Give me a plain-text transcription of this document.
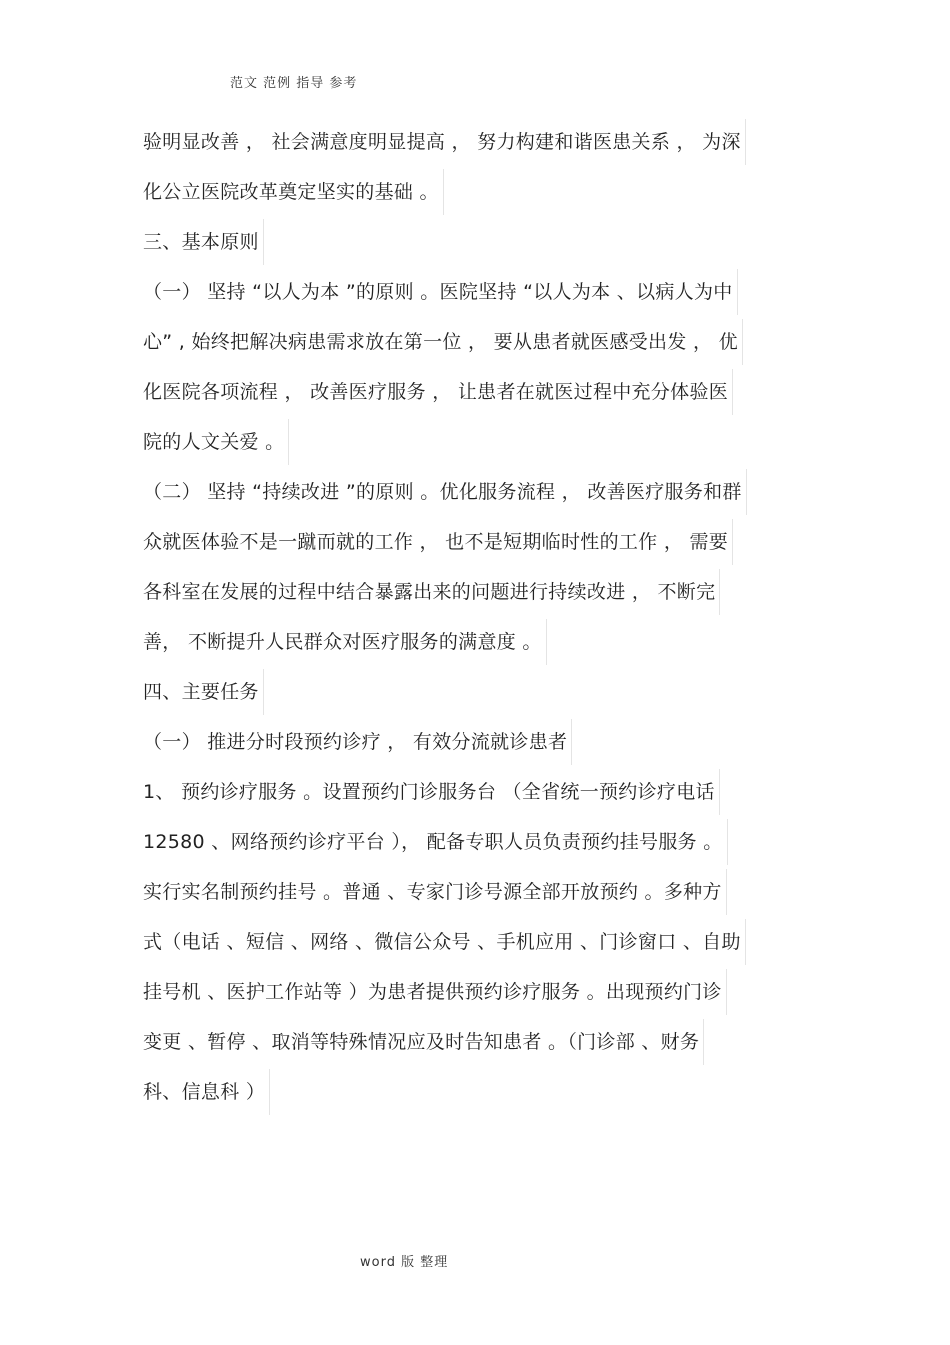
范文 范例 指导 参考
验明显改善 ， 社会满意度明显提高 ， 努力构建和谐医患关系 ， 为深
化公立医院改革奠定坚实的基础 。
三、基本原则
（一） 坚持 “以人为本 ”的原则 。医院坚持 “以人为本 、以病人为中
心” , 始终把解决病患需求放在第一位 ， 要从患者就医感受出发 ， 优
化医院各项流程 ， 改善医疗服务 ， 让患者在就医过程中充分体验医
院的人文关爱 。
（二） 坚持 “持续改进 ”的原则 。优化服务流程 ， 改善医疗服务和群
众就医体验不是一蹴而就的工作 ， 也不是短期临时性的工作 ， 需要
各科室在发展的过程中结合暴露出来的问题进行持续改进 ， 不断完
善， 不断提升人民群众对医疗服务的满意度 。
四、主要任务
（一） 推进分时段预约诊疗 ， 有效分流就诊患者
1、 预约诊疗服务 。设置预约门诊服务台 （全省统一预约诊疗电话
12580 、网络预约诊疗平台 ）， 配备专职人员负责预约挂号服务 。
实行实名制预约挂号 。普通 、专家门诊号源全部开放预约 。多种方
式（电话 、短信 、网络 、微信公众号 、手机应用 、门诊窗口 、自助
挂号机 、医护工作站等 ）为患者提供预约诊疗服务 。出现预约门诊
变更 、暂停 、取消等特殊情况应及时告知患者 。（门诊部 、财务
科、信息科 ）
word 版 整理
